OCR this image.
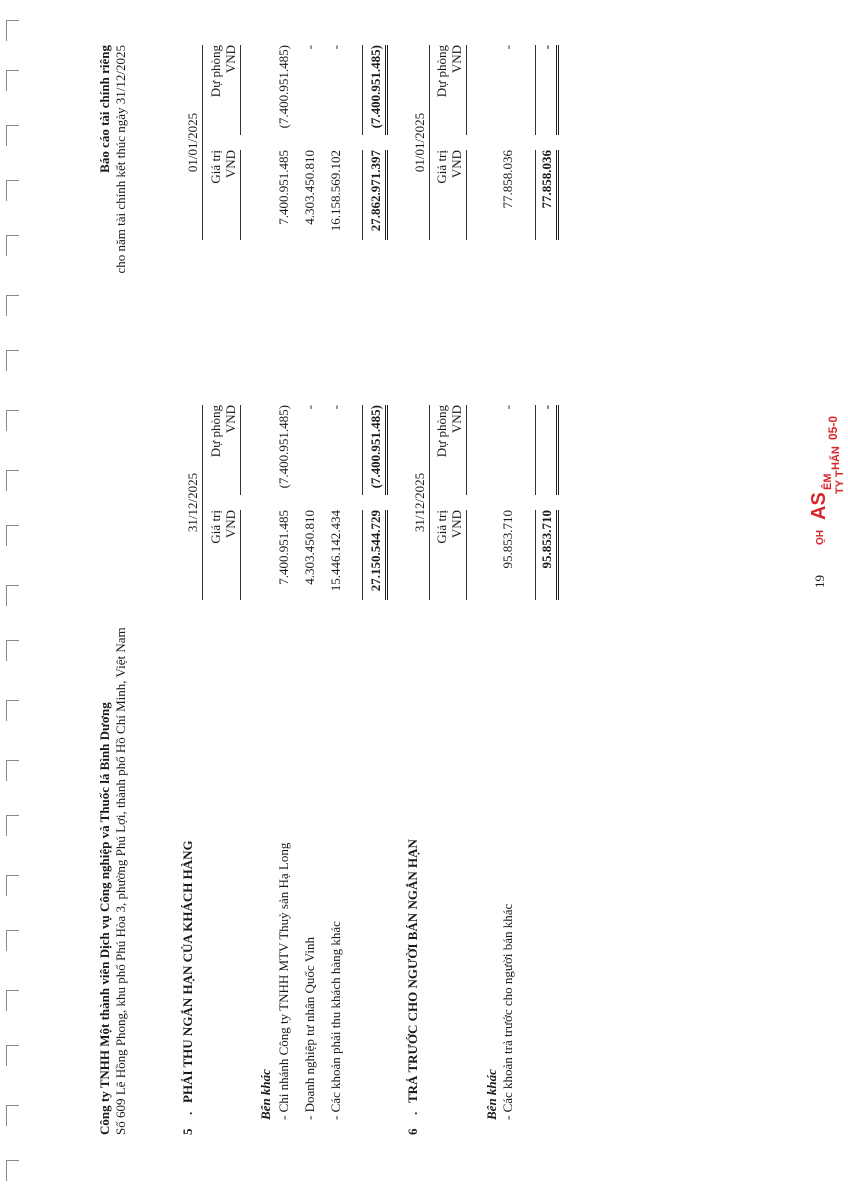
Công ty TNHH Một thành viên Dịch vụ Công nghiệp và Thuốc lá Bình Dương Số 609 Lê Hồng Phong, khu phố Phú Hòa 3, phường Phú Lợi, thành phố Hồ Chí Minh, Việt Nam
Báo cáo tài chính riêng cho năm tài chính kết thúc ngày 31/12/2025
5
.
PHẢI THU NGẮN HẠN CỦA KHÁCH HÀNG
31/12/2025
01/01/2025
Giá trị VND
Dự phòng VND
Giá trị VND
Dự phòng VND
Bên khác - Chi nhánh Công ty TNHH MTV Thuỷ sản Hạ Long
7.400.951.485
(7.400.951.485)
7.400.951.485
(7.400.951.485)
- Doanh nghiệp tư nhân Quốc Vinh
4.303.450.810
-
4.303.450.810
-
- Các khoản phải thu khách hàng khác
15.446.142.434
-
16.158.569.102
-
27.150.544.729
(7.400.951.485)
27.862.971.397
(7.400.951.485)
6
.
TRẢ TRƯỚC CHO NGƯỜI BÁN NGẮN HẠN
31/12/2025
01/01/2025
Giá trị VND
Dự phòng VND
Giá trị VND
Dự phòng VND
Bên khác - Các khoản trả trước cho người bán khác
95.853.710
-
77.858.036
-
95.853.710
-
77.858.036
-
19
HỒ
AS
ÊM TY T
HẤN
05-0
